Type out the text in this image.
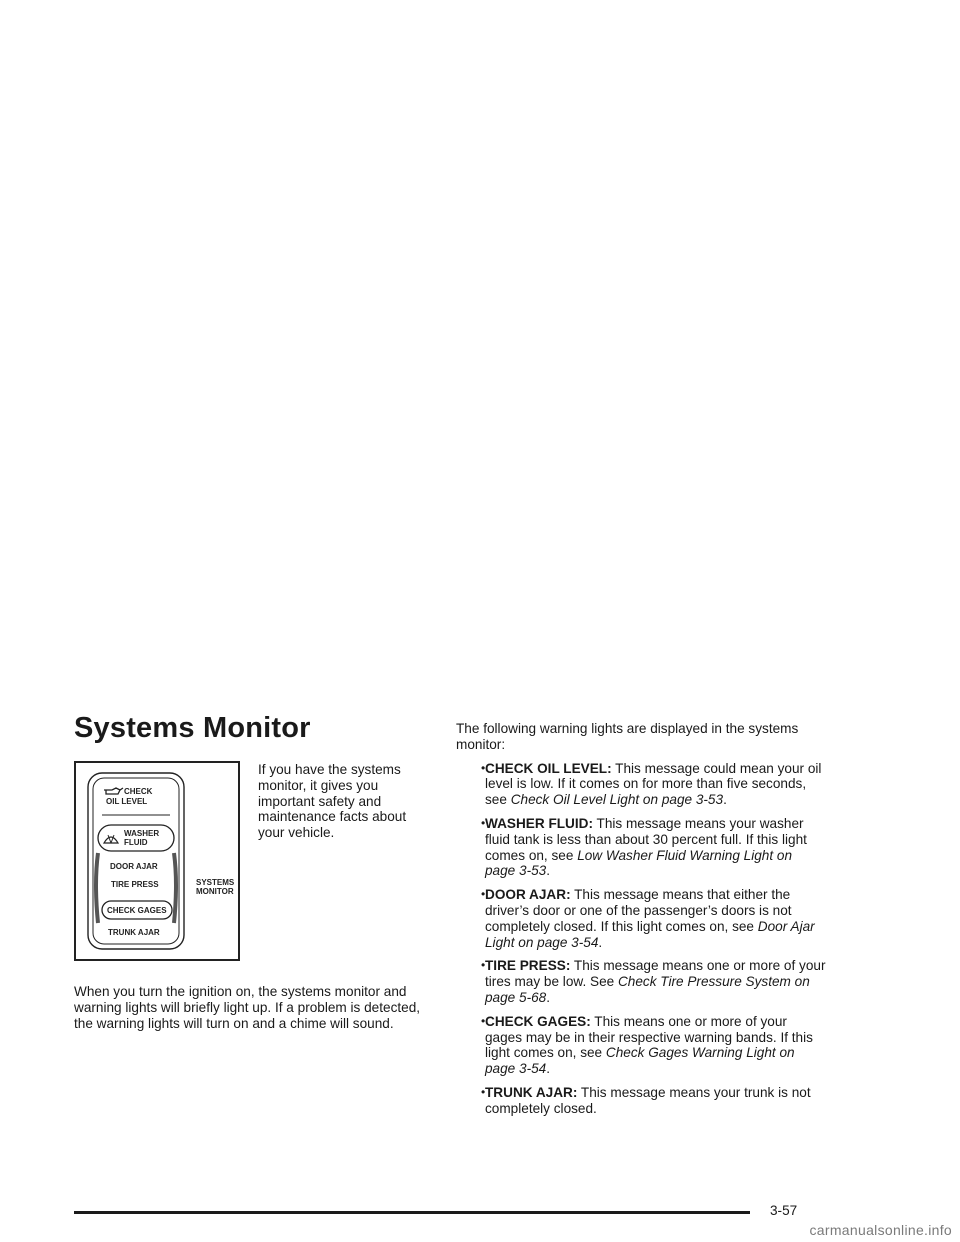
Systems Monitor
CHECK
OIL LEVEL
WASHER
FLUID
DOOR AJAR
TIRE PRESS
CHECK GAGES
TRUNK AJAR
SYSTEMS
MONITOR
If you have the systems monitor, it gives you important safety and maintenance facts about your vehicle.
When you turn the ignition on, the systems monitor and warning lights will briefly light up. If a problem is detected, the warning lights will turn on and a chime will sound.

The following warning lights are displayed in the systems monitor:

• CHECK OIL LEVEL: This message could mean your oil level is low. If it comes on for more than five seconds, see Check Oil Level Light on page 3-53.
• WASHER FLUID: This message means your washer fluid tank is less than about 30 percent full. If this light comes on, see Low Washer Fluid Warning Light on page 3-53.
• DOOR AJAR: This message means that either the driver’s door or one of the passenger’s doors is not completely closed. If this light comes on, see Door Ajar Light on page 3-54.
• TIRE PRESS: This message means one or more of your tires may be low. See Check Tire Pressure System on page 5-68.
• CHECK GAGES: This means one or more of your gages may be in their respective warning bands. If this light comes on, see Check Gages Warning Light on page 3-54.
• TRUNK AJAR: This message means your trunk is not completely closed.
3-57
carmanualsonline.info
